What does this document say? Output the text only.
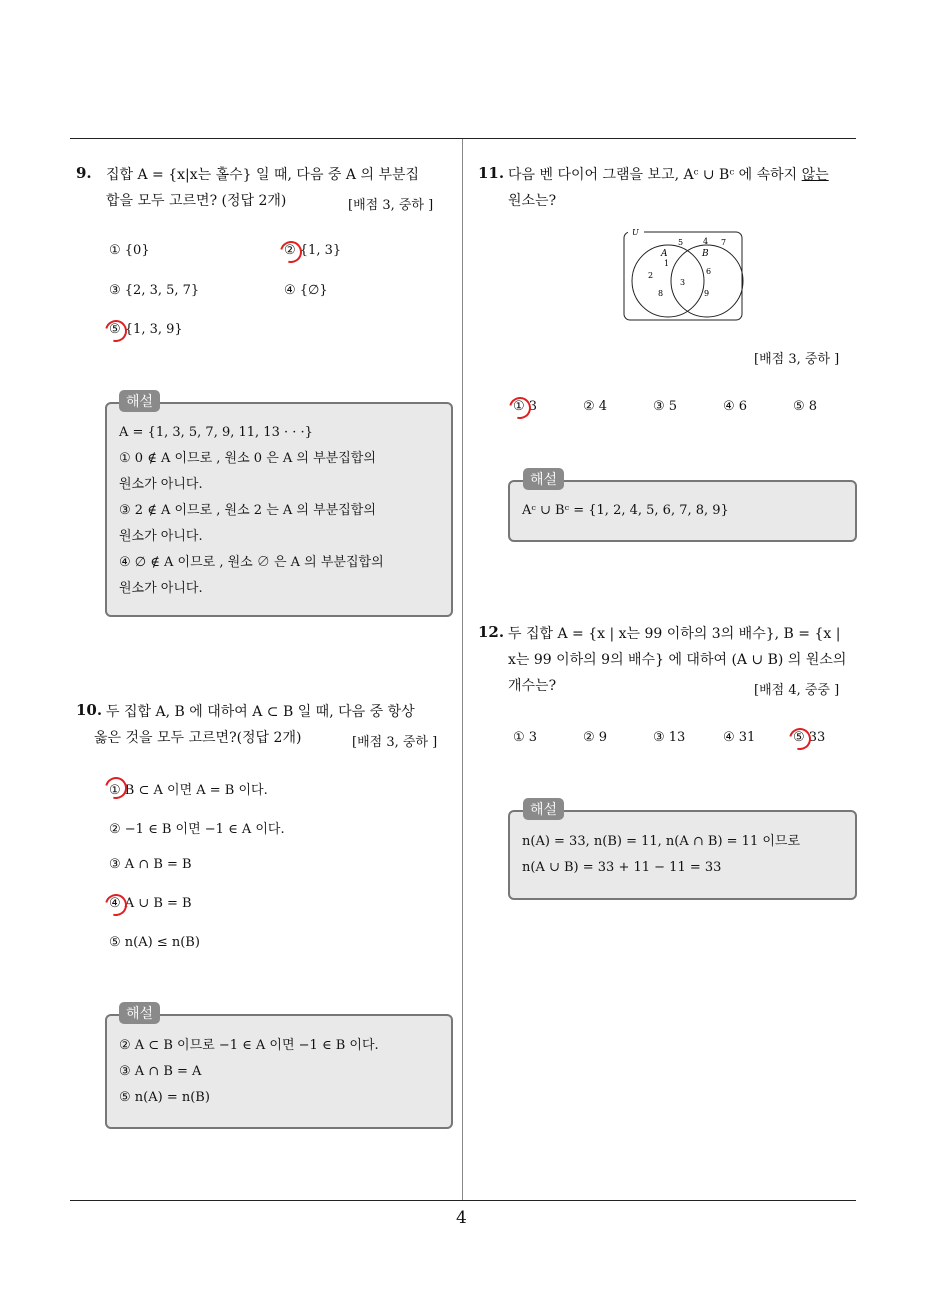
9. 집합 A = {x|x는 홀수} 일 때, 다음 중 A 의 부분집
합을 모두 고르면? (정답 2개)	[배점 3, 중하 ]
① {0}	② {1, 3}
③ {2, 3, 5, 7}	④ {∅}
⑤ {1, 3, 9}
A = {1, 3, 5, 7, 9, 11, 13 · · ·}
① 0 ∉ A 이므로 , 원소 0 은 A 의 부분집합의
원소가 아니다.
③ 2 ∉ A 이므로 , 원소 2 는 A 의 부분집합의
원소가 아니다.
④ ∅ ∉ A 이므로 , 원소 ∅ 은 A 의 부분집합의
원소가 아니다.
해설
10. 두 집합 A, B 에 대하여 A ⊂ B 일 때, 다음 중 항상
옳은 것을 모두 고르면?(정답 2개)	[배점 3, 중하 ]
① B ⊂ A 이면 A = B 이다.
② −1 ∈ B 이면 −1 ∈ A 이다.
③ A ∩ B = B
④ A ∪ B = B
⑤ n(A) ≤ n(B)
② A ⊂ B 이므로 −1 ∈ A 이면 −1 ∈ B 이다.
③ A ∩ B = A
⑤ n(A) = n(B)
해설
11. 다음 벤 다이어 그램을 보고, Aᶜ ∪ Bᶜ 에 속하지 않는
원소는?
U
A	B
5 4 7
1
2
8
3
6
9
[배점 3, 중하 ]
① 3	② 4	③ 5	④ 6	⑤ 8
Aᶜ ∪ Bᶜ = {1, 2, 4, 5, 6, 7, 8, 9}
해설
12. 두 집합 A = {x | x는 99 이하의 3의 배수}, B = {x |
x는 99 이하의 9의 배수} 에 대하여 (A ∪ B) 의 원소의
개수는?	[배점 4, 중중 ]
① 3	② 9	③ 13	④ 31	⑤ 33
n(A) = 33, n(B) = 11, n(A ∩ B) = 11 이므로
n(A ∪ B) = 33 + 11 − 11 = 33
해설
4
